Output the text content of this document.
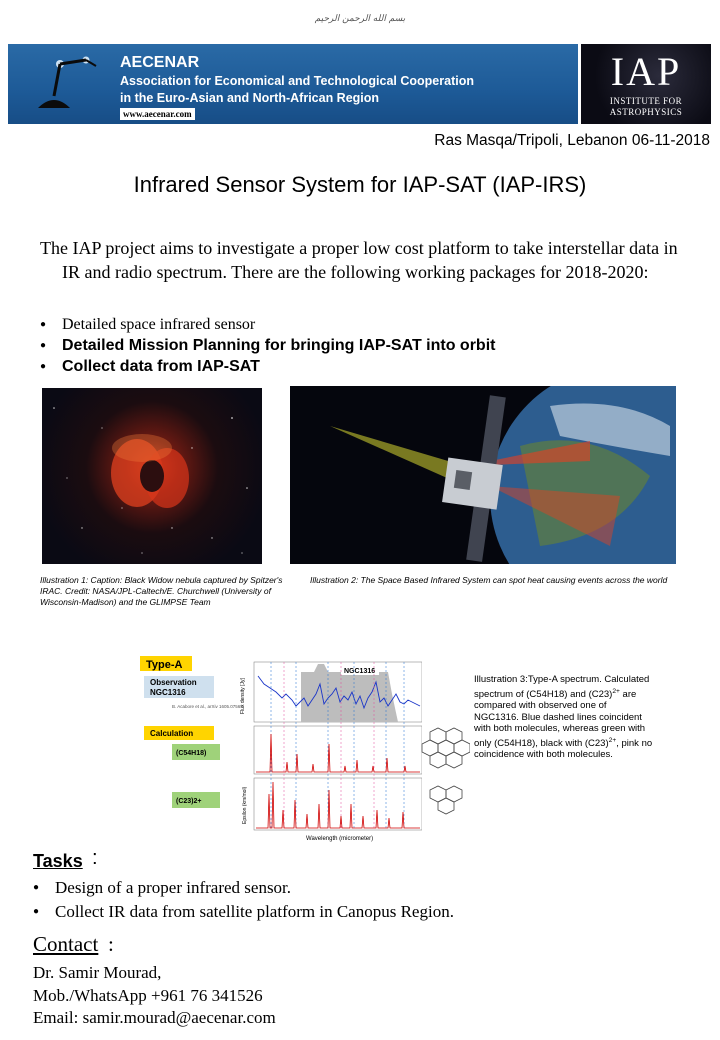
بسم الله الرحمن الرحيم
AECENAR
Association for Economical and Technological Cooperation
in the Euro-Asian and North-African Region
www.aecenar.com
IAP
INSTITUTE FOR
ASTROPHYSICS
Ras Masqa/Tripoli, Lebanon 06-11-2018
Infrared Sensor System for IAP-SAT (IAP-IRS)
The IAP project aims to investigate a proper low cost platform to take interstellar data in IR and radio spectrum. There are the following working packages for 2018-2020:
● Detailed space infrared sensor
● Detailed Mission Planning for bringing IAP-SAT into orbit
● Collect data from IAP-SAT
Illustration 1: Caption: Black Widow nebula captured by Spitzer's IRAC. Credit: NASA/JPL-Caltech/E. Churchwell (University of Wisconsin-Madison) and the GLIMPSE Team
Illustration 2: The Space Based Infrared System can spot heat causing events across the world
Type-A
Observation
NGC1316
B. Acabore et al., arXiv 1605.07565
Calculation
(C54H18)
(C23)2+
NGC1316
Flux density [Jy]
Epsilon (km/mol)
Wavelength (micrometer)
Illustration 3:Type-A spectrum. Calculated spectrum of (C54H18) and $(C23)^{2+}$ are compared with observed one of NGC1316. Blue dashed lines coincident with both molecules, whereas green with only (C54H18), black with $(C23)^{2+}$, pink no coincidence with both molecules.
Tasks :
● Design of a proper infrared sensor.
● Collect IR data from satellite platform in Canopus Region.
Contact :
Dr. Samir Mourad,
Mob./WhatsApp +961 76 341526
Email: samir.mourad@aecenar.com
